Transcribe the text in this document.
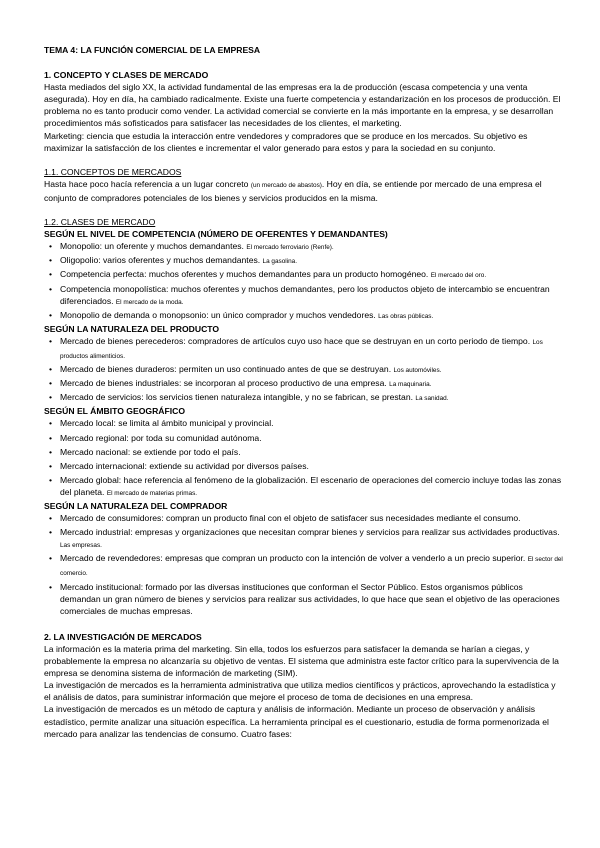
TEMA 4: LA FUNCIÓN COMERCIAL DE LA EMPRESA

1. CONCEPTO Y CLASES DE MERCADO

Hasta mediados del siglo XX, la actividad fundamental de las empresas era la de producción (escasa competencia y una venta asegurada). Hoy en día, ha cambiado radicalmente. Existe una fuerte competencia y estandarización en los procesos de producción. El problema no es tanto producir como vender. La actividad comercial se convierte en la más importante en la empresa, y se desarrollan procedimientos más sofisticados para satisfacer las necesidades de los clientes, el marketing.

Marketing: ciencia que estudia la interacción entre vendedores y compradores que se produce en los mercados. Su objetivo es maximizar la satisfacción de los clientes e incrementar el valor generado para estos y para la sociedad en su conjunto.

1.1. CONCEPTOS DE MERCADOS

Hasta hace poco hacía referencia a un lugar concreto (un mercado de abastos). Hoy en día, se entiende por mercado de una empresa el conjunto de compradores potenciales de los bienes y servicios producidos en la misma.

1.2. CLASES DE MERCADO

SEGÚN EL NIVEL DE COMPETENCIA (NÚMERO DE OFERENTES Y DEMANDANTES)

• Monopolio: un oferente y muchos demandantes. El mercado ferroviario (Renfe).
• Oligopolio: varios oferentes y muchos demandantes. La gasolina.
• Competencia perfecta: muchos oferentes y muchos demandantes para un producto homogéneo. El mercado del oro.
• Competencia monopolística: muchos oferentes y muchos demandantes, pero los productos objeto de intercambio se encuentran diferenciados. El mercado de la moda.
• Monopolio de demanda o monopsonio: un único comprador y muchos vendedores. Las obras públicas.

SEGÚN LA NATURALEZA DEL PRODUCTO

• Mercado de bienes perecederos: compradores de artículos cuyo uso hace que se destruyan en un corto periodo de tiempo. Los productos alimenticios.
• Mercado de bienes duraderos: permiten un uso continuado antes de que se destruyan. Los automóviles.
• Mercado de bienes industriales: se incorporan al proceso productivo de una empresa. La maquinaria.
• Mercado de servicios: los servicios tienen naturaleza intangible, y no se fabrican, se prestan. La sanidad.

SEGÚN EL ÁMBITO GEOGRÁFICO

• Mercado local: se limita al ámbito municipal y provincial.
• Mercado regional: por toda su comunidad autónoma.
• Mercado nacional: se extiende por todo el país.
• Mercado internacional: extiende su actividad por diversos países.
• Mercado global: hace referencia al fenómeno de la globalización. El escenario de operaciones del comercio incluye todas las zonas del planeta. El mercado de materias primas.

SEGÚN LA NATURALEZA DEL COMPRADOR

• Mercado de consumidores: compran un producto final con el objeto de satisfacer sus necesidades mediante el consumo.
• Mercado industrial: empresas y organizaciones que necesitan comprar bienes y servicios para realizar sus actividades productivas. Las empresas.
• Mercado de revendedores: empresas que compran un producto con la intención de volver a venderlo a un precio superior. El sector del comercio.
• Mercado institucional: formado por las diversas instituciones que conforman el Sector Público. Estos organismos públicos demandan un gran número de bienes y servicios para realizar sus actividades, lo que hace que sean el objetivo de las operaciones comerciales de muchas empresas.

2. LA INVESTIGACIÓN DE MERCADOS

La información es la materia prima del marketing. Sin ella, todos los esfuerzos para satisfacer la demanda se harían a ciegas, y probablemente la empresa no alcanzaría su objetivo de ventas. El sistema que administra este factor crítico para la supervivencia de la empresa se denomina sistema de información de marketing (SIM).

La investigación de mercados es la herramienta administrativa que utiliza medios científicos y prácticos, aprovechando la estadística y el análisis de datos, para suministrar información que mejore el proceso de toma de decisiones en una empresa.

La investigación de mercados es un método de captura y análisis de información. Mediante un proceso de observación y análisis estadístico, permite analizar una situación específica. La herramienta principal es el cuestionario, estudia de forma pormenorizada el mercado para analizar las tendencias de consumo. Cuatro fases:
